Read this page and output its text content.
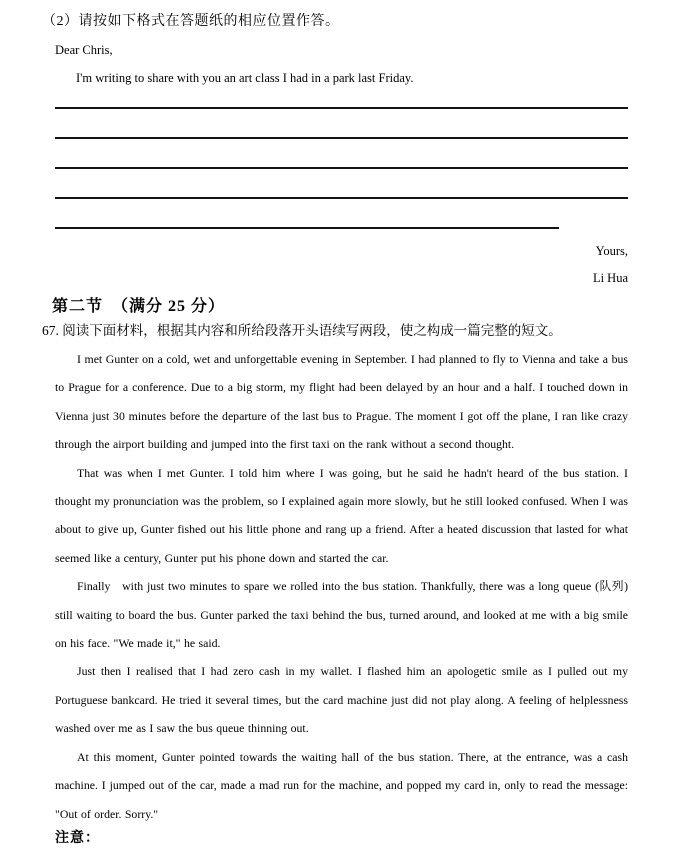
（2）请按如下格式在答题纸的相应位置作答。

Dear Chris,

I'm writing to share with you an art class I had in a park last Friday.

Yours,

Li Hua

第二节　（满分 25 分）

67. 阅读下面材料，根据其内容和所给段落开头语续写两段，使之构成一篇完整的短文。

I met Gunter on a cold, wet and unforgettable evening in September. I had planned to fly to Vienna and take a bus to Prague for a conference. Due to a big storm, my flight had been delayed by an hour and a half. I touched down in Vienna just 30 minutes before the departure of the last bus to Prague. The moment I got off the plane, I ran like crazy through the airport building and jumped into the first taxi on the rank without a second thought.

That was when I met Gunter. I told him where I was going, but he said he hadn't heard of the bus station. I thought my pronunciation was the problem, so I explained again more slowly, but he still looked confused. When I was about to give up, Gunter fished out his little phone and rang up a friend. After a heated discussion that lasted for what seemed like a century, Gunter put his phone down and started the car.

Finally   with just two minutes to spare we rolled into the bus station. Thankfully, there was a long queue (队列) still waiting to board the bus. Gunter parked the taxi behind the bus, turned around, and looked at me with a big smile on his face. "We made it," he said.

Just then I realised that I had zero cash in my wallet. I flashed him an apologetic smile as I pulled out my Portuguese bankcard. He tried it several times, but the card machine just did not play along. A feeling of helplessness washed over me as I saw the bus queue thinning out.

At this moment, Gunter pointed towards the waiting hall of the bus station. There, at the entrance, was a cash machine. I jumped out of the car, made a mad run for the machine, and popped my card in, only to read the message: "Out of order. Sorry."

注意：
